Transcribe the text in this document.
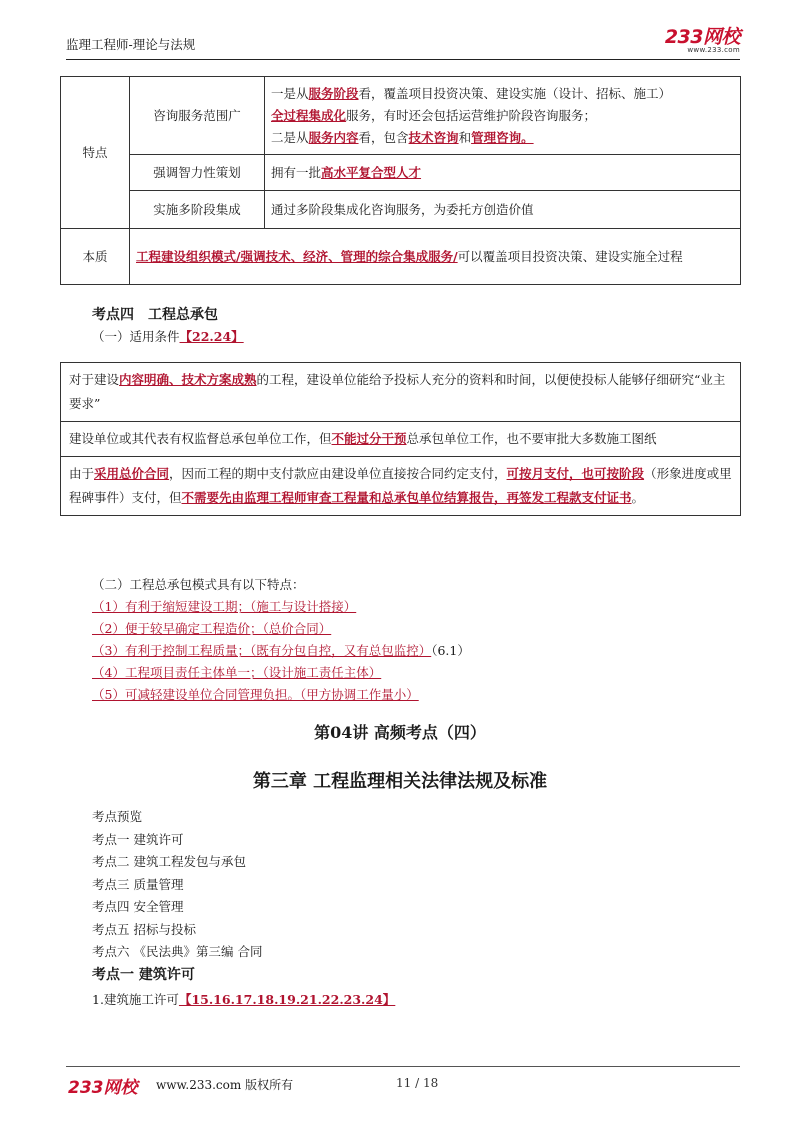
监理工程师-理论与法规	233网校
www.233.com
特点	咨询服务范围广	一是从服务阶段看，覆盖项目投资决策、建设实施（设计、招标、施工）
全过程集成化服务，有时还会包括运营维护阶段咨询服务；
二是从服务内容看，包含技术咨询和管理咨询。

	强调智力性策划	拥有一批高水平复合型人才
	实施多阶段集成	通过多阶段集成化咨询服务，为委托方创造价值
本质	工程建设组织模式/强调技术、经济、管理的综合集成服务/可以覆盖项目投资决策、建设实施全过程	
考点四　工程总承包
（一）适用条件【22.24】
对于建设内容明确、技术方案成熟的工程，建设单位能给予投标人充分的资料和时间，以便使投标人能够仔细研究“业主要求”
建设单位或其代表有权监督总承包单位工作，但不能过分干预总承包单位工作，也不要审批大多数施工图纸
由于采用总价合同，因而工程的期中支付款应由建设单位直接按合同约定支付，可按月支付，也可按阶段（形象进度或里程碑事件）支付，但不需要先由监理工程师审查工程量和总承包单位结算报告，再签发工程款支付证书。
（二）工程总承包模式具有以下特点：
（1）有利于缩短建设工期；（施工与设计搭接）
（2）便于较早确定工程造价；（总价合同）
（3）有利于控制工程质量；（既有分包自控，又有总包监控）（6.1）
（4）工程项目责任主体单一；（设计施工责任主体）
（5）可减轻建设单位合同管理负担。（甲方协调工作量小）
第04讲 高频考点（四）
第三章 工程监理相关法律法规及标准
考点预览
考点一 建筑许可
考点二 建筑工程发包与承包
考点三 质量管理
考点四 安全管理
考点五 招标与投标
考点六 《民法典》第三编 合同
考点一 建筑许可
1.建筑施工许可【15.16.17.18.19.21.22.23.24】
233网校 www.233.com 版权所有	11 / 18
